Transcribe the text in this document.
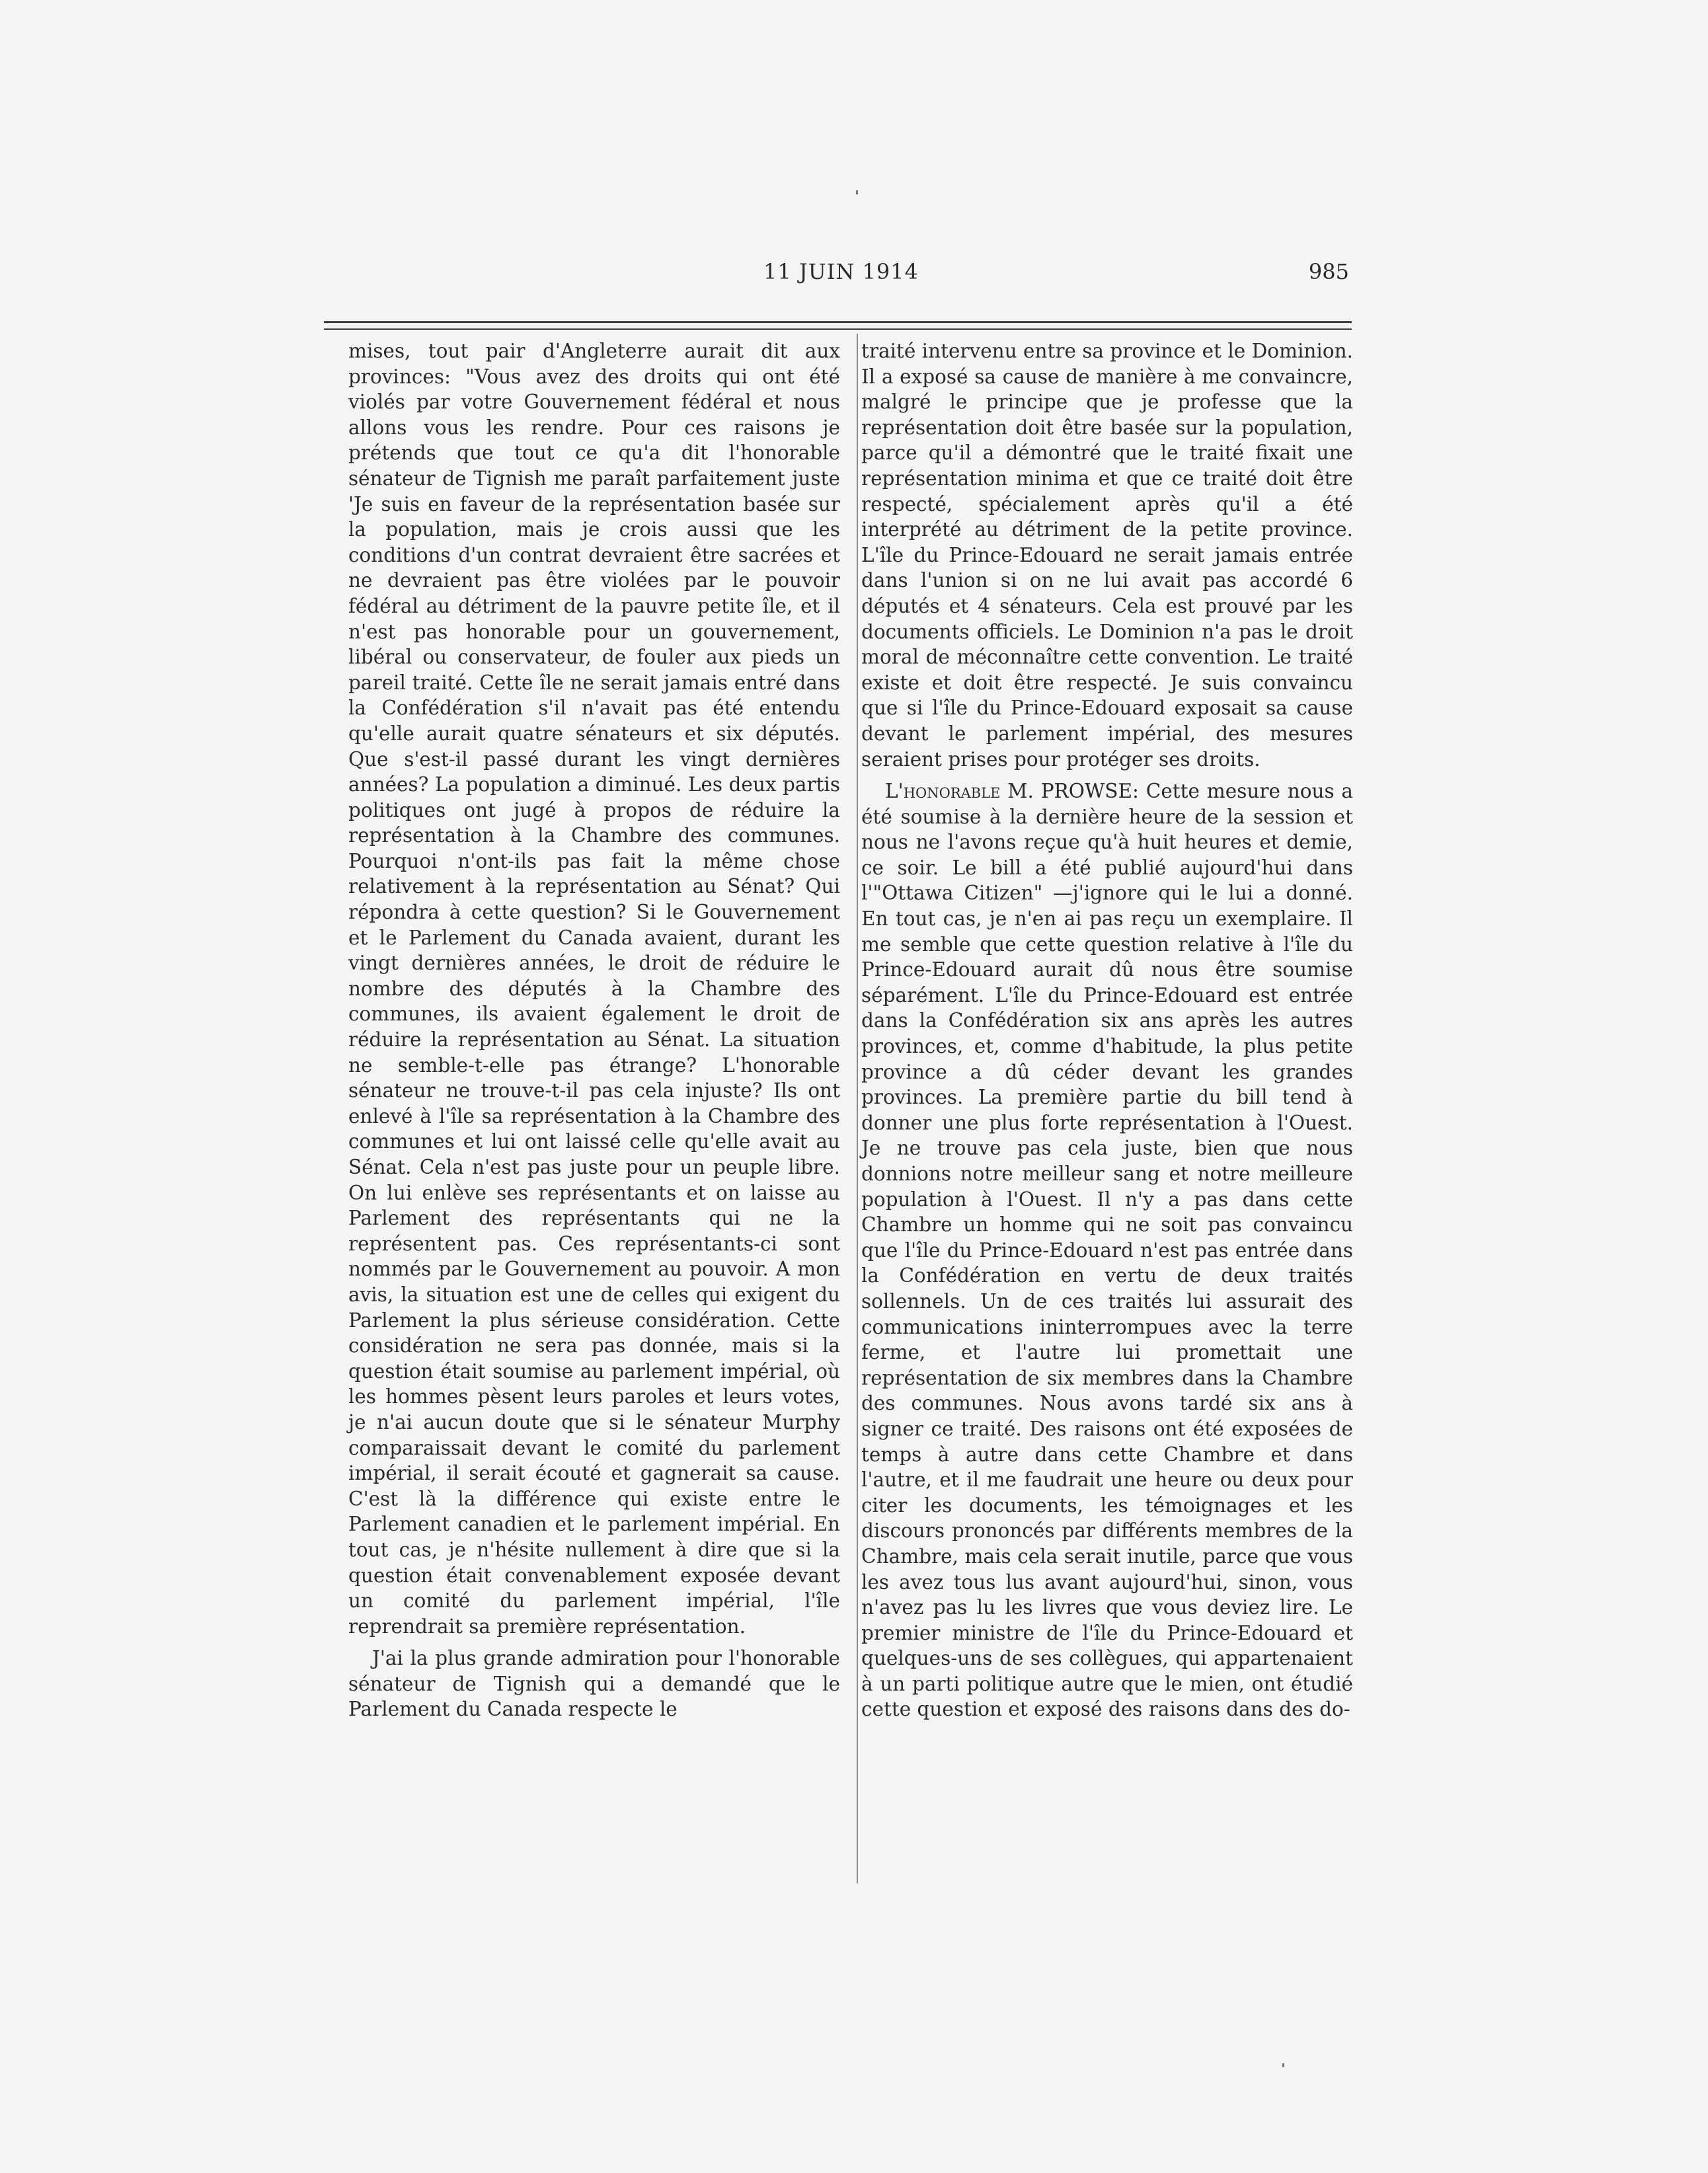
11 JUIN 1914	985

mises, tout pair d'Angleterre aurait dit aux provinces: "Vous avez des droits qui ont été violés par votre Gouvernement fédéral et nous allons vous les rendre. Pour ces raisons je prétends que tout ce qu'a dit l'honorable sénateur de Tignish me paraît parfaitement juste 'Je suis en faveur de la représentation basée sur la population, mais je crois aussi que les conditions d'un contrat devraient être sacrées et ne devraient pas être violées par le pouvoir fédéral au détriment de la pauvre petite île, et il n'est pas honorable pour un gouvernement, libéral ou conservateur, de fouler aux pieds un pareil traité. Cette île ne serait jamais entré dans la Confédération s'il n'avait pas été entendu qu'elle aurait quatre sénateurs et six députés. Que s'est-il passé durant les vingt dernières années? La population a diminué. Les deux partis politiques ont jugé à propos de réduire la représentation à la Chambre des communes. Pourquoi n'ont-ils pas fait la même chose relativement à la représentation au Sénat? Qui répondra à cette question? Si le Gouvernement et le Parlement du Canada avaient, durant les vingt dernières années, le droit de réduire le nombre des députés à la Chambre des communes, ils avaient également le droit de réduire la représentation au Sénat. La situation ne semble-t-elle pas étrange? L'honorable sénateur ne trouve-t-il pas cela injuste? Ils ont enlevé à l'île sa représentation à la Chambre des communes et lui ont laissé celle qu'elle avait au Sénat. Cela n'est pas juste pour un peuple libre. On lui enlève ses représentants et on laisse au Parlement des représentants qui ne la représentent pas. Ces représentants-ci sont nommés par le Gouvernement au pouvoir. A mon avis, la situation est une de celles qui exigent du Parlement la plus sérieuse considération. Cette considération ne sera pas donnée, mais si la question était soumise au parlement impérial, où les hommes pèsent leurs paroles et leurs votes, je n'ai aucun doute que si le sénateur Murphy comparaissait devant le comité du parlement impérial, il serait écouté et gagnerait sa cause. C'est là la différence qui existe entre le Parlement canadien et le parlement impérial. En tout cas, je n'hésite nullement à dire que si la question était convenablement exposée devant un comité du parlement impérial, l'île reprendrait sa première représentation.

J'ai la plus grande admiration pour l'honorable sénateur de Tignish qui a demandé que le Parlement du Canada respecte le

traité intervenu entre sa province et le Dominion. Il a exposé sa cause de manière à me convaincre, malgré le principe que je professe que la représentation doit être basée sur la population, parce qu'il a démontré que le traité fixait une représentation minima et que ce traité doit être respecté, spécialement après qu'il a été interprété au détriment de la petite province. L'île du Prince-Edouard ne serait jamais entrée dans l'union si on ne lui avait pas accordé 6 députés et 4 sénateurs. Cela est prouvé par les documents officiels. Le Dominion n'a pas le droit moral de méconnaître cette convention. Le traité existe et doit être respecté. Je suis convaincu que si l'île du Prince-Edouard exposait sa cause devant le parlement impérial, des mesures seraient prises pour protéger ses droits.

L'honorable M. PROWSE: Cette mesure nous a été soumise à la dernière heure de la session et nous ne l'avons reçue qu'à huit heures et demie, ce soir. Le bill a été publié aujourd'hui dans l'"Ottawa Citizen" —j'ignore qui le lui a donné. En tout cas, je n'en ai pas reçu un exemplaire. Il me semble que cette question relative à l'île du Prince-Edouard aurait dû nous être soumise séparément. L'île du Prince-Edouard est entrée dans la Confédération six ans après les autres provinces, et, comme d'habitude, la plus petite province a dû céder devant les grandes provinces. La première partie du bill tend à donner une plus forte représentation à l'Ouest. Je ne trouve pas cela juste, bien que nous donnions notre meilleur sang et notre meilleure population à l'Ouest. Il n'y a pas dans cette Chambre un homme qui ne soit pas convaincu que l'île du Prince-Edouard n'est pas entrée dans la Confédération en vertu de deux traités sollennels. Un de ces traités lui assurait des communications ininterrompues avec la terre ferme, et l'autre lui promettait une représentation de six membres dans la Chambre des communes. Nous avons tardé six ans à signer ce traité. Des raisons ont été exposées de temps à autre dans cette Chambre et dans l'autre, et il me faudrait une heure ou deux pour citer les documents, les témoignages et les discours prononcés par différents membres de la Chambre, mais cela serait inutile, parce que vous les avez tous lus avant aujourd'hui, sinon, vous n'avez pas lu les livres que vous deviez lire. Le premier ministre de l'île du Prince-Edouard et quelques-uns de ses collègues, qui appartenaient à un parti politique autre que le mien, ont étudié cette question et exposé des raisons dans des do-
